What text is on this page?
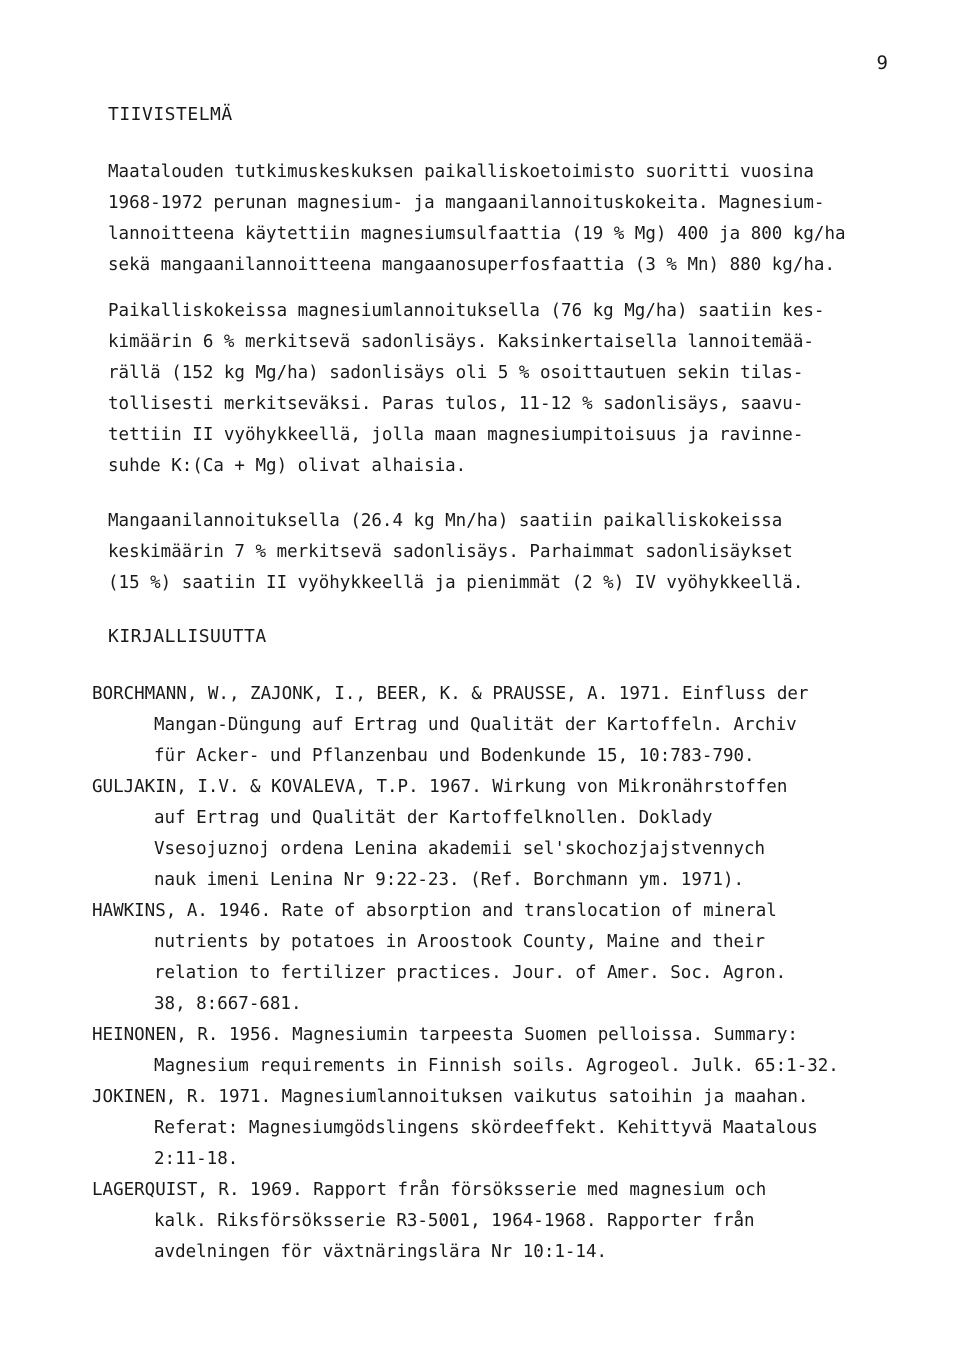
9
TIIVISTELMÄ
Maatalouden tutkimuskeskuksen paikalliskoetoimisto suoritti vuosina
1968-1972 perunan magnesium- ja mangaanilannoituskokeita. Magnesium-
lannoitteena käytettiin magnesiumsulfaattia (19 % Mg) 400 ja 800 kg/ha
sekä mangaanilannoitteena mangaanosuperfosfaattia (3 % Mn) 880 kg/ha.
Paikalliskokeissa magnesiumlannoituksella (76 kg Mg/ha) saatiin kes-
kimäärin 6 % merkitsevä sadonlisäys. Kaksinkertaisella lannoitemää-
rällä (152 kg Mg/ha) sadonlisäys oli 5 % osoittautuen sekin tilas-
tollisesti merkitseväksi. Paras tulos, 11-12 % sadonlisäys, saavu-
tettiin II vyöhykkeellä, jolla maan magnesiumpitoisuus ja ravinne-
suhde K:(Ca + Mg) olivat alhaisia.
Mangaanilannoituksella (26.4 kg Mn/ha) saatiin paikalliskokeissa
keskimäärin 7 % merkitsevä sadonlisäys. Parhaimmat sadonlisäykset
(15 %) saatiin II vyöhykkeellä ja pienimmät (2 %) IV vyöhykkeellä.
KIRJALLISUUTTA
BORCHMANN, W., ZAJONK, I., BEER, K. & PRAUSSE, A. 1971. Einfluss der
Mangan-Düngung auf Ertrag und Qualität der Kartoffeln. Archiv
für Acker- und Pflanzenbau und Bodenkunde 15, 10:783-790.
GULJAKIN, I.V. & KOVALEVA, T.P. 1967. Wirkung von Mikronährstoffen
auf Ertrag und Qualität der Kartoffelknollen. Doklady
Vsesojuznoj ordena Lenina akademii sel'skochozjajstvennych
nauk imeni Lenina Nr 9:22-23. (Ref. Borchmann ym. 1971).
HAWKINS, A. 1946. Rate of absorption and translocation of mineral
nutrients by potatoes in Aroostook County, Maine and their
relation to fertilizer practices. Jour. of Amer. Soc. Agron.
38, 8:667-681.
HEINONEN, R. 1956. Magnesiumin tarpeesta Suomen pelloissa. Summary:
Magnesium requirements in Finnish soils. Agrogeol. Julk. 65:1-32.
JOKINEN, R. 1971. Magnesiumlannoituksen vaikutus satoihin ja maahan.
Referat: Magnesiumgödslingens skördeeffekt. Kehittyvä Maatalous
2:11-18.
LAGERQUIST, R. 1969. Rapport från försöksserie med magnesium och
kalk. Riksförsöksserie R3-5001, 1964-1968. Rapporter från
avdelningen för växtnäringslära Nr 10:1-14.
